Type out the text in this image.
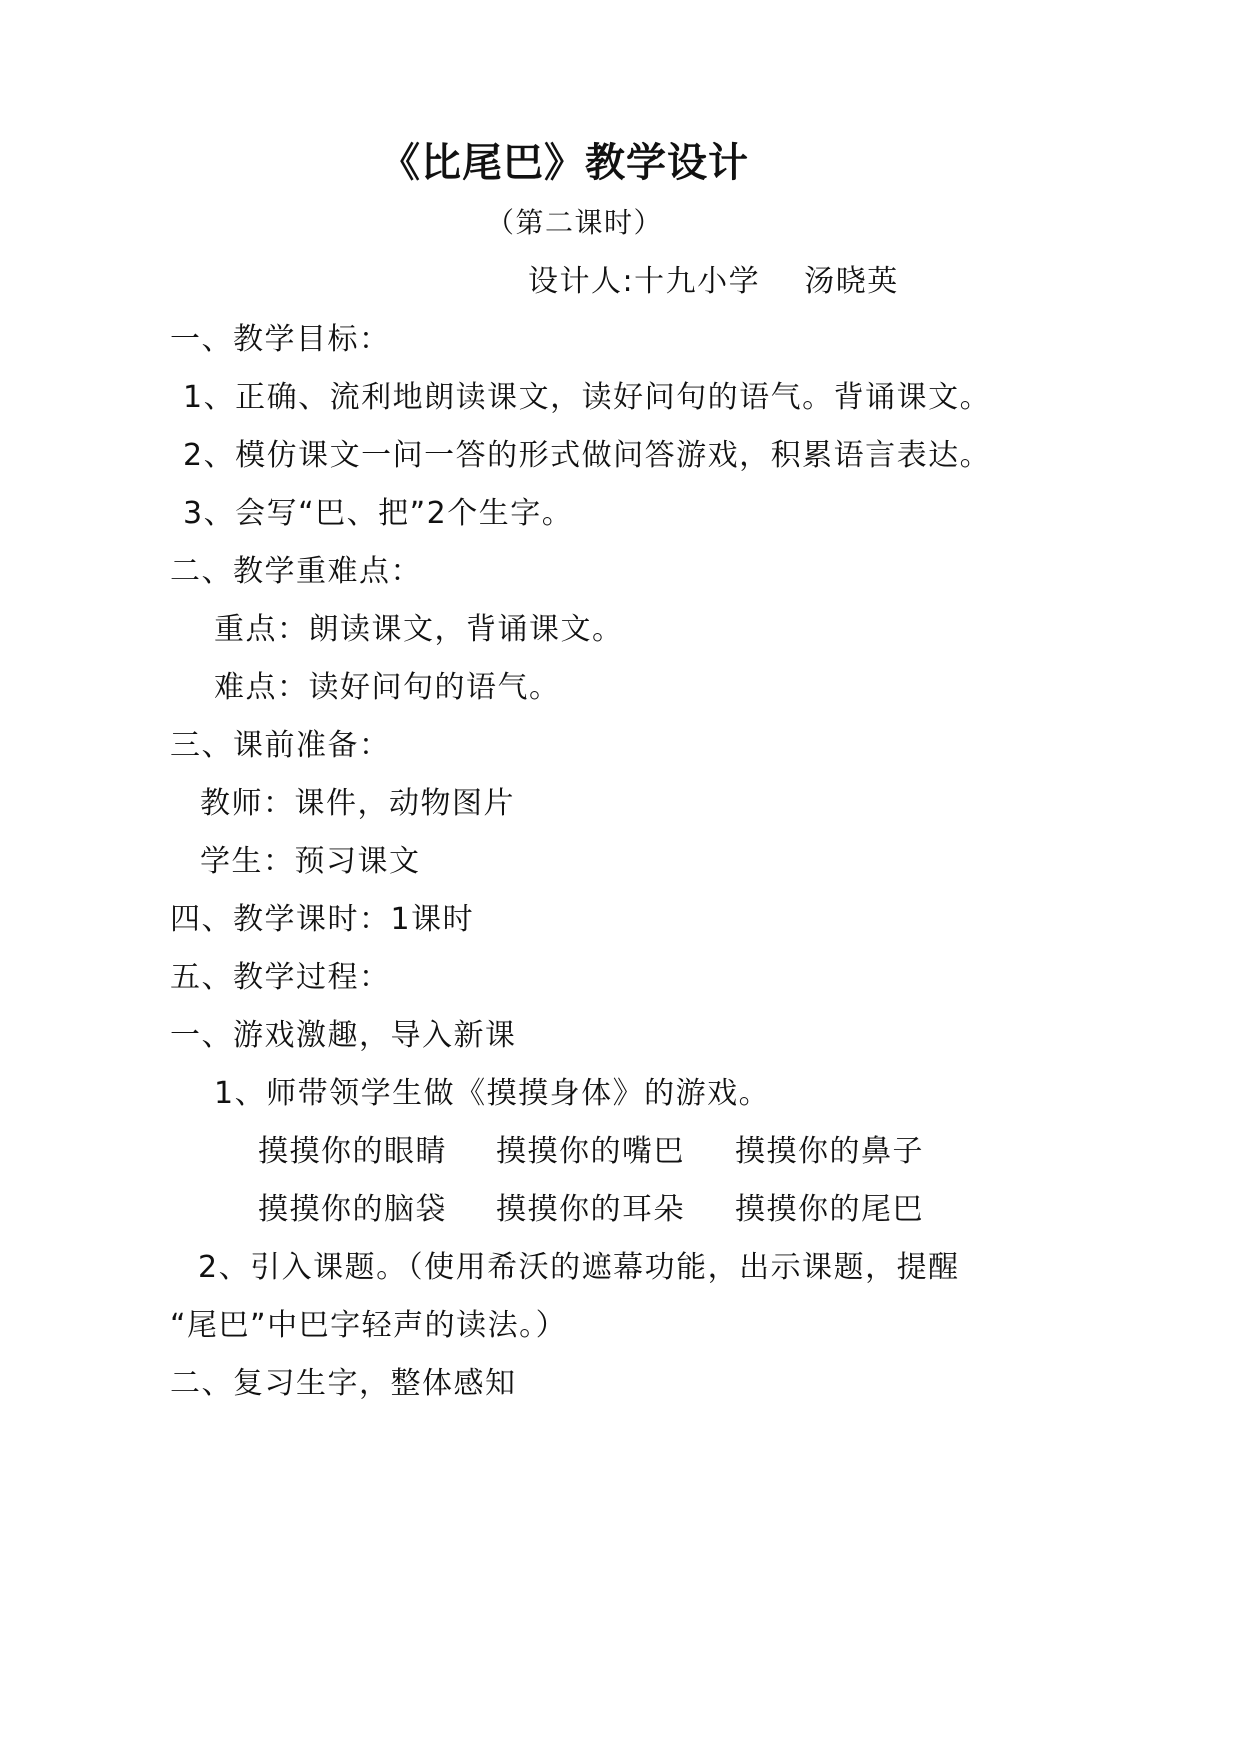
《比尾巴》教学设计
（第二课时）
设计人:十九小学    汤晓英
一、教学目标：
1、正确、流利地朗读课文，读好问句的语气。背诵课文。
2、模仿课文一问一答的形式做问答游戏，积累语言表达。
3、会写“巴、把”2个生字。
二、教学重难点：
重点：朗读课文，背诵课文。
难点：读好问句的语气。
三、课前准备：
教师：课件，动物图片
学生：预习课文
四、教学课时：1课时
五、教学过程：
一、游戏激趣，导入新课
1、师带领学生做《摸摸身体》的游戏。
摸摸你的眼睛 摸摸你的嘴巴 摸摸你的鼻子
摸摸你的脑袋 摸摸你的耳朵 摸摸你的尾巴
2、引入课题。（使用希沃的遮幕功能，出示课题，提醒
“尾巴”中巴字轻声的读法。）
二、复习生字，整体感知
